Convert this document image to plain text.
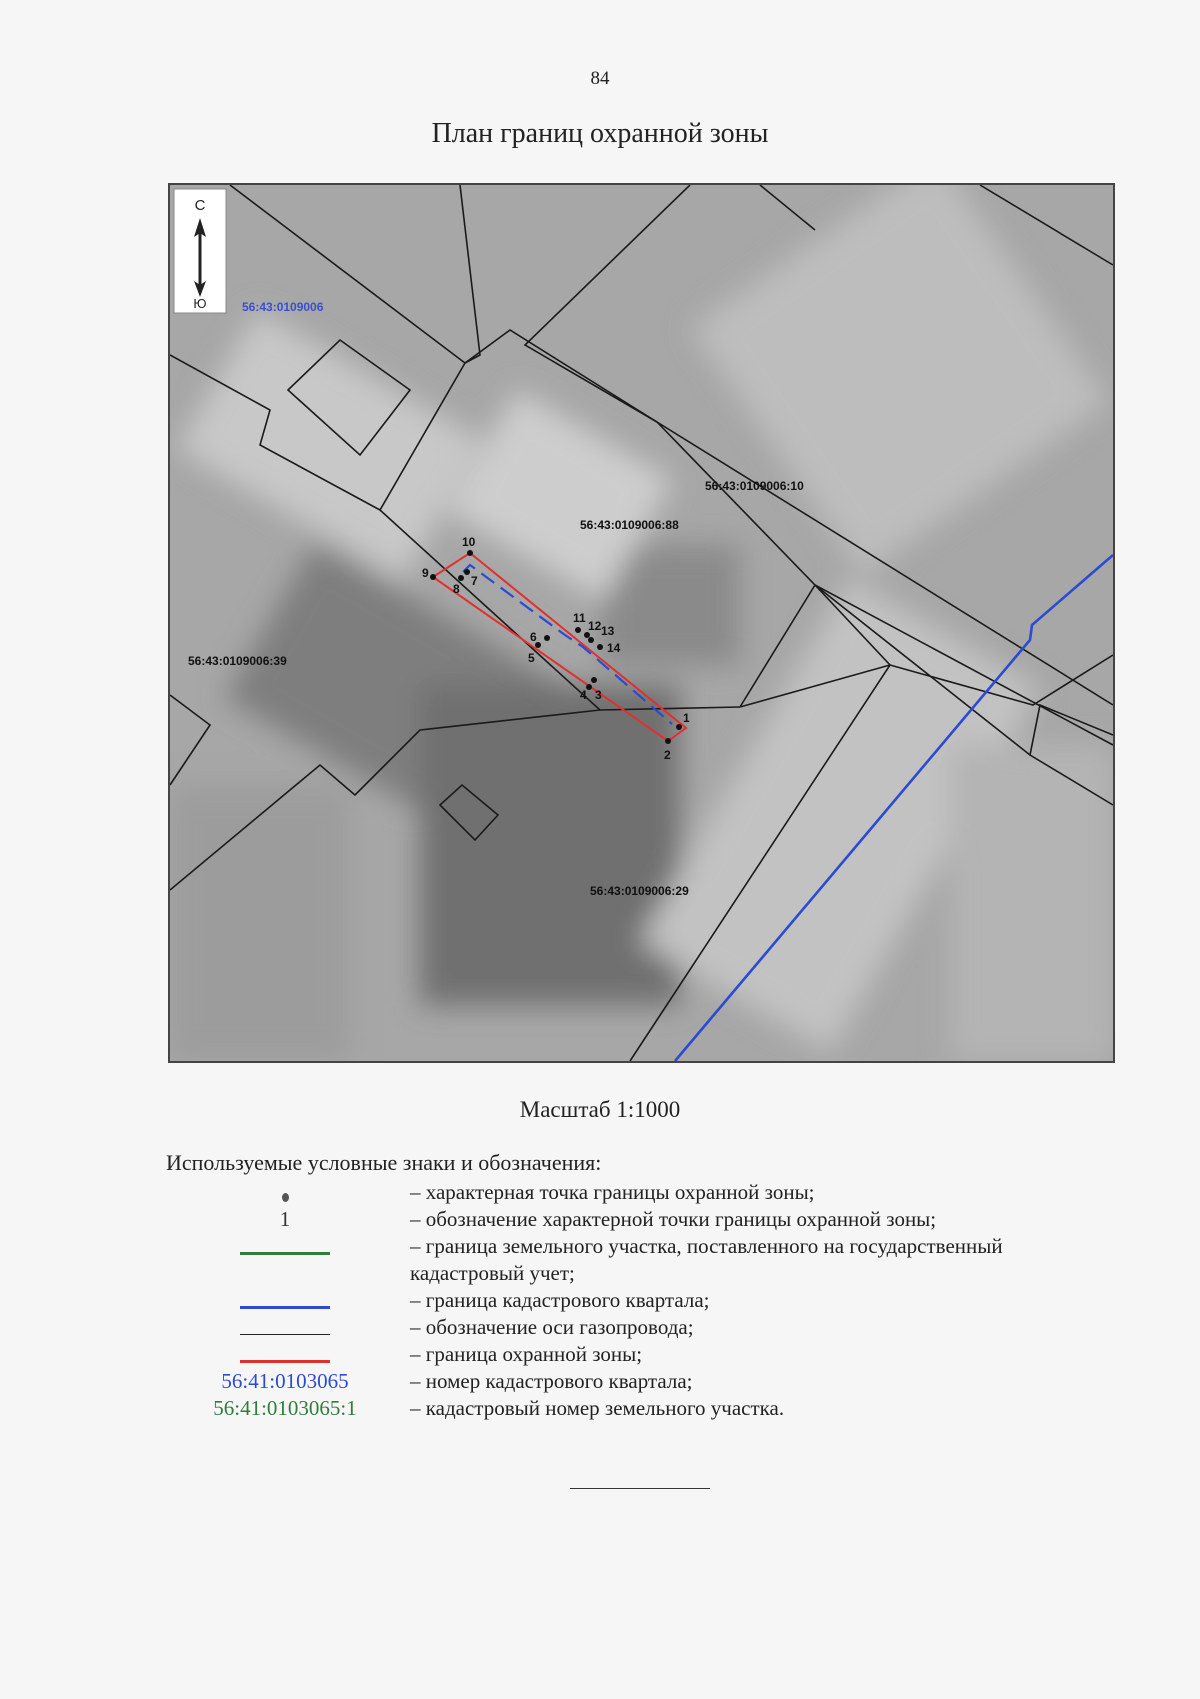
84
План границ охранной зоны
1
2
3
4
5
6
7
8
9
10
11
12 13
14
56:43:0109006:10
56:43:0109006:88
56:43:0109006:39
56:43:0109006:29
56:43:0109006
С
Ю
Масштаб 1:1000
Используемые условные знаки и обозначения:
– характерная точка границы охранной зоны;
1	– обозначение характерной точки границы охранной зоны;
– граница земельного участка, поставленного на государственный кадастровый учет;
– граница кадастрового квартала;
– обозначение оси газопровода;
– граница охранной зоны;
56:41:0103065	– номер кадастрового квартала;
56:41:0103065:1	– кадастровый номер земельного участка.
